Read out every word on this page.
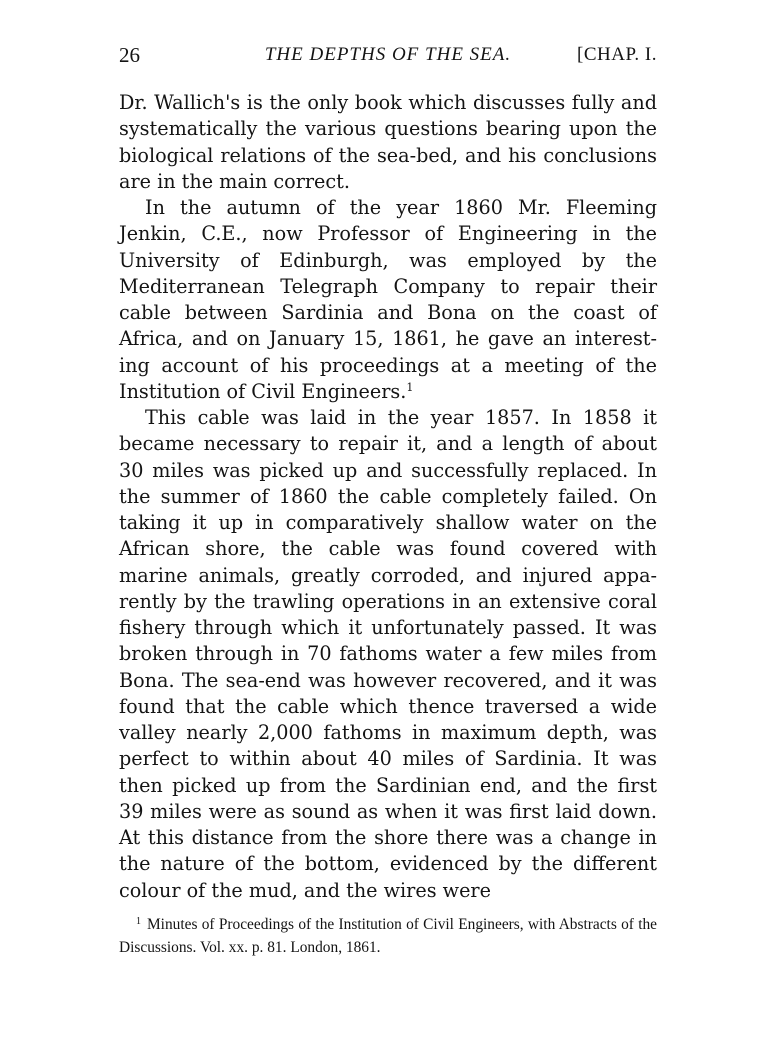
26	THE DEPTHS OF THE SEA.	[CHAP. I.

Dr. Wallich's is the only book which discusses fully and systematically the various questions bearing upon the biological relations of the sea-bed, and his conclusions are in the main correct.

In the autumn of the year 1860 Mr. Fleeming Jenkin, C.E., now Professor of Engineering in the University of Edinburgh, was employed by the Mediterranean Telegraph Company to repair their cable between Sardinia and Bona on the coast of Africa, and on January 15, 1861, he gave an interesting account of his proceedings at a meeting of the Institution of Civil Engineers.$^1$

This cable was laid in the year 1857. In 1858 it became necessary to repair it, and a length of about 30 miles was picked up and successfully replaced. In the summer of 1860 the cable completely failed. On taking it up in comparatively shallow water on the African shore, the cable was found covered with marine animals, greatly corroded, and injured apparently by the trawling operations in an extensive coral fishery through which it unfortunately passed. It was broken through in 70 fathoms water a few miles from Bona. The sea-end was however recovered, and it was found that the cable which thence traversed a wide valley nearly 2,000 fathoms in maximum depth, was perfect to within about 40 miles of Sardinia. It was then picked up from the Sardinian end, and the first 39 miles were as sound as when it was first laid down. At this distance from the shore there was a change in the nature of the bottom, evidenced by the different colour of the mud, and the wires were

1 Minutes of Proceedings of the Institution of Civil Engineers, with Abstracts of the Discussions. Vol. xx. p. 81. London, 1861.
